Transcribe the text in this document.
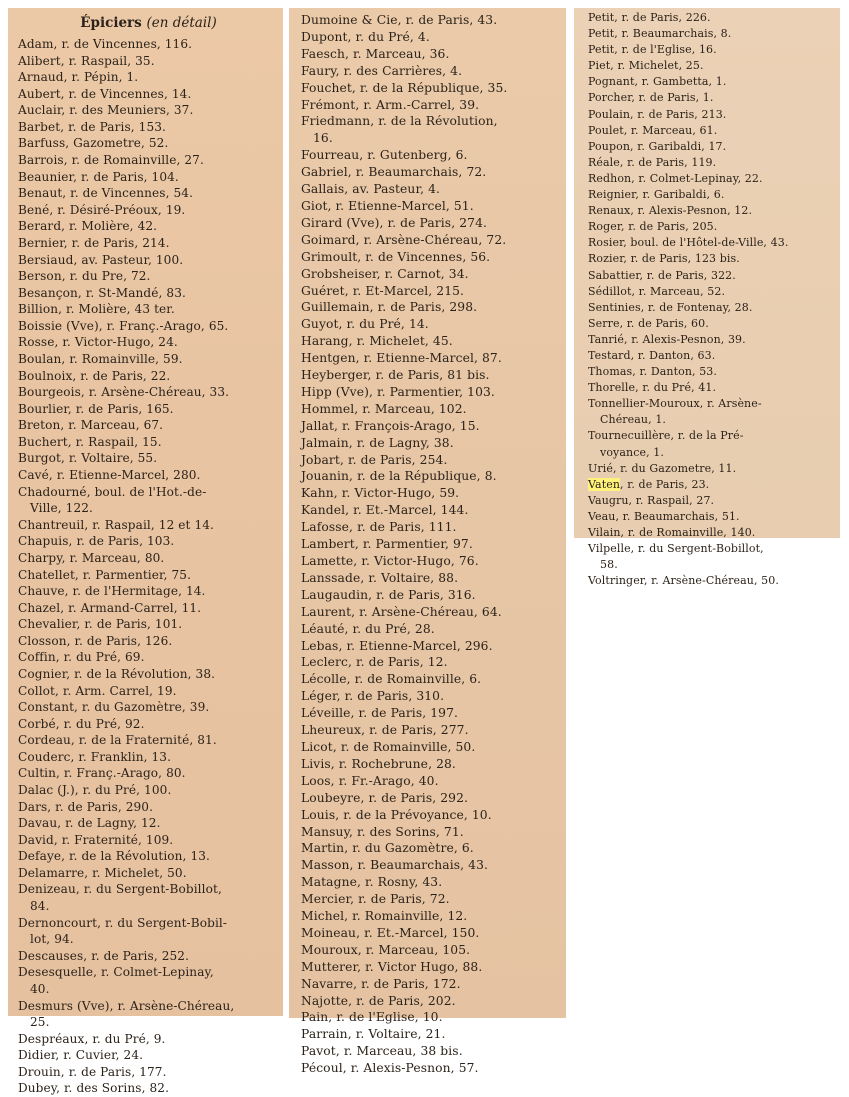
Épiciers (en détail)
Adam, r. de Vincennes, 116.
Alibert, r. Raspail, 35.
Arnaud, r. Pépin, 1.
Aubert, r. de Vincennes, 14.
Auclair, r. des Meuniers, 37.
Barbet, r. de Paris, 153.
Barfuss, Gazometre, 52.
Barrois, r. de Romainville, 27.
Beaunier, r. de Paris, 104.
Benaut, r. de Vincennes, 54.
Bené, r. Désiré-Préoux, 19.
Berard, r. Molière, 42.
Bernier, r. de Paris, 214.
Bersiaud, av. Pasteur, 100.
Berson, r. du Pre, 72.
Besançon, r. St-Mandé, 83.
Billion, r. Molière, 43 ter.
Boissie (Vve), r. Franç.-Arago, 65.
Rosse, r. Victor-Hugo, 24.
Boulan, r. Romainville, 59.
Boulnoix, r. de Paris, 22.
Bourgeois, r. Arsène-Chéreau, 33.
Bourlier, r. de Paris, 165.
Breton, r. Marceau, 67.
Buchert, r. Raspail, 15.
Burgot, r. Voltaire, 55.
Cavé, r. Etienne-Marcel, 280.
Chadourné, boul. de l'Hot.-de-
Ville, 122.
Chantreuil, r. Raspail, 12 et 14.
Chapuis, r. de Paris, 103.
Charpy, r. Marceau, 80.
Chatellet, r. Parmentier, 75.
Chauve, r. de l'Hermitage, 14.
Chazel, r. Armand-Carrel, 11.
Chevalier, r. de Paris, 101.
Closson, r. de Paris, 126.
Coffin, r. du Pré, 69.
Cognier, r. de la Révolution, 38.
Collot, r. Arm. Carrel, 19.
Constant, r. du Gazomètre, 39.
Corbé, r. du Pré, 92.
Cordeau, r. de la Fraternité, 81.
Couderc, r. Franklin, 13.
Cultin, r. Franç.-Arago, 80.
Dalac (J.), r. du Pré, 100.
Dars, r. de Paris, 290.
Davau, r. de Lagny, 12.
David, r. Fraternité, 109.
Defaye, r. de la Révolution, 13.
Delamarre, r. Michelet, 50.
Denizeau, r. du Sergent-Bobillot,
84.
Dernoncourt, r. du Sergent-Bobil-
lot, 94.
Descauses, r. de Paris, 252.
Desesquelle, r. Colmet-Lepinay,
40.
Desmurs (Vve), r. Arsène-Chéreau,
25.
Despréaux, r. du Pré, 9.
Didier, r. Cuvier, 24.
Drouin, r. de Paris, 177.
Dubey, r. des Sorins, 82.
Dumoine & Cie, r. de Paris, 43.
Dupont, r. du Pré, 4.
Faesch, r. Marceau, 36.
Faury, r. des Carrières, 4.
Fouchet, r. de la République, 35.
Frémont, r. Arm.-Carrel, 39.
Friedmann, r. de la Révolution,
16.
Fourreau, r. Gutenberg, 6.
Gabriel, r. Beaumarchais, 72.
Gallais, av. Pasteur, 4.
Giot, r. Etienne-Marcel, 51.
Girard (Vve), r. de Paris, 274.
Goimard, r. Arsène-Chéreau, 72.
Grimoult, r. de Vincennes, 56.
Grobsheiser, r. Carnot, 34.
Guéret, r. Et-Marcel, 215.
Guillemain, r. de Paris, 298.
Guyot, r. du Pré, 14.
Harang, r. Michelet, 45.
Hentgen, r. Etienne-Marcel, 87.
Heyberger, r. de Paris, 81 bis.
Hipp (Vve), r. Parmentier, 103.
Hommel, r. Marceau, 102.
Jallat, r. François-Arago, 15.
Jalmain, r. de Lagny, 38.
Jobart, r. de Paris, 254.
Jouanin, r. de la République, 8.
Kahn, r. Victor-Hugo, 59.
Kandel, r. Et.-Marcel, 144.
Lafosse, r. de Paris, 111.
Lambert, r. Parmentier, 97.
Lamette, r. Victor-Hugo, 76.
Lanssade, r. Voltaire, 88.
Laugaudin, r. de Paris, 316.
Laurent, r. Arsène-Chéreau, 64.
Léauté, r. du Pré, 28.
Lebas, r. Etienne-Marcel, 296.
Leclerc, r. de Paris, 12.
Lécolle, r. de Romainville, 6.
Léger, r. de Paris, 310.
Léveille, r. de Paris, 197.
Lheureux, r. de Paris, 277.
Licot, r. de Romainville, 50.
Livis, r. Rochebrune, 28.
Loos, r. Fr.-Arago, 40.
Loubeyre, r. de Paris, 292.
Louis, r. de la Prévoyance, 10.
Mansuy, r. des Sorins, 71.
Martin, r. du Gazomètre, 6.
Masson, r. Beaumarchais, 43.
Matagne, r. Rosny, 43.
Mercier, r. de Paris, 72.
Michel, r. Romainville, 12.
Moineau, r. Et.-Marcel, 150.
Mouroux, r. Marceau, 105.
Mutterer, r. Victor Hugo, 88.
Navarre, r. de Paris, 172.
Najotte, r. de Paris, 202.
Pain, r. de l'Eglise, 10.
Parrain, r. Voltaire, 21.
Pavot, r. Marceau, 38 bis.
Pécoul, r. Alexis-Pesnon, 57.
Petit, r. de Paris, 226.
Petit, r. Beaumarchais, 8.
Petit, r. de l'Eglise, 16.
Piet, r. Michelet, 25.
Pognant, r. Gambetta, 1.
Porcher, r. de Paris, 1.
Poulain, r. de Paris, 213.
Poulet, r. Marceau, 61.
Poupon, r. Garibaldi, 17.
Réale, r. de Paris, 119.
Redhon, r. Colmet-Lepinay, 22.
Reignier, r. Garibaldi, 6.
Renaux, r. Alexis-Pesnon, 12.
Roger, r. de Paris, 205.
Rosier, boul. de l'Hôtel-de-Ville, 43.
Rozier, r. de Paris, 123 bis.
Sabattier, r. de Paris, 322.
Sédillot, r. Marceau, 52.
Sentinies, r. de Fontenay, 28.
Serre, r. de Paris, 60.
Tanrié, r. Alexis-Pesnon, 39.
Testard, r. Danton, 63.
Thomas, r. Danton, 53.
Thorelle, r. du Pré, 41.
Tonnellier-Mouroux, r. Arsène-
Chéreau, 1.
Tournecuillère, r. de la Pré-
voyance, 1.
Urié, r. du Gazometre, 11.
Vaten, r. de Paris, 23.
Vaugru, r. Raspail, 27.
Veau, r. Beaumarchais, 51.
Vilain, r. de Romainville, 140.
Vilpelle, r. du Sergent-Bobillot,
58.
Voltringer, r. Arsène-Chéreau, 50.
